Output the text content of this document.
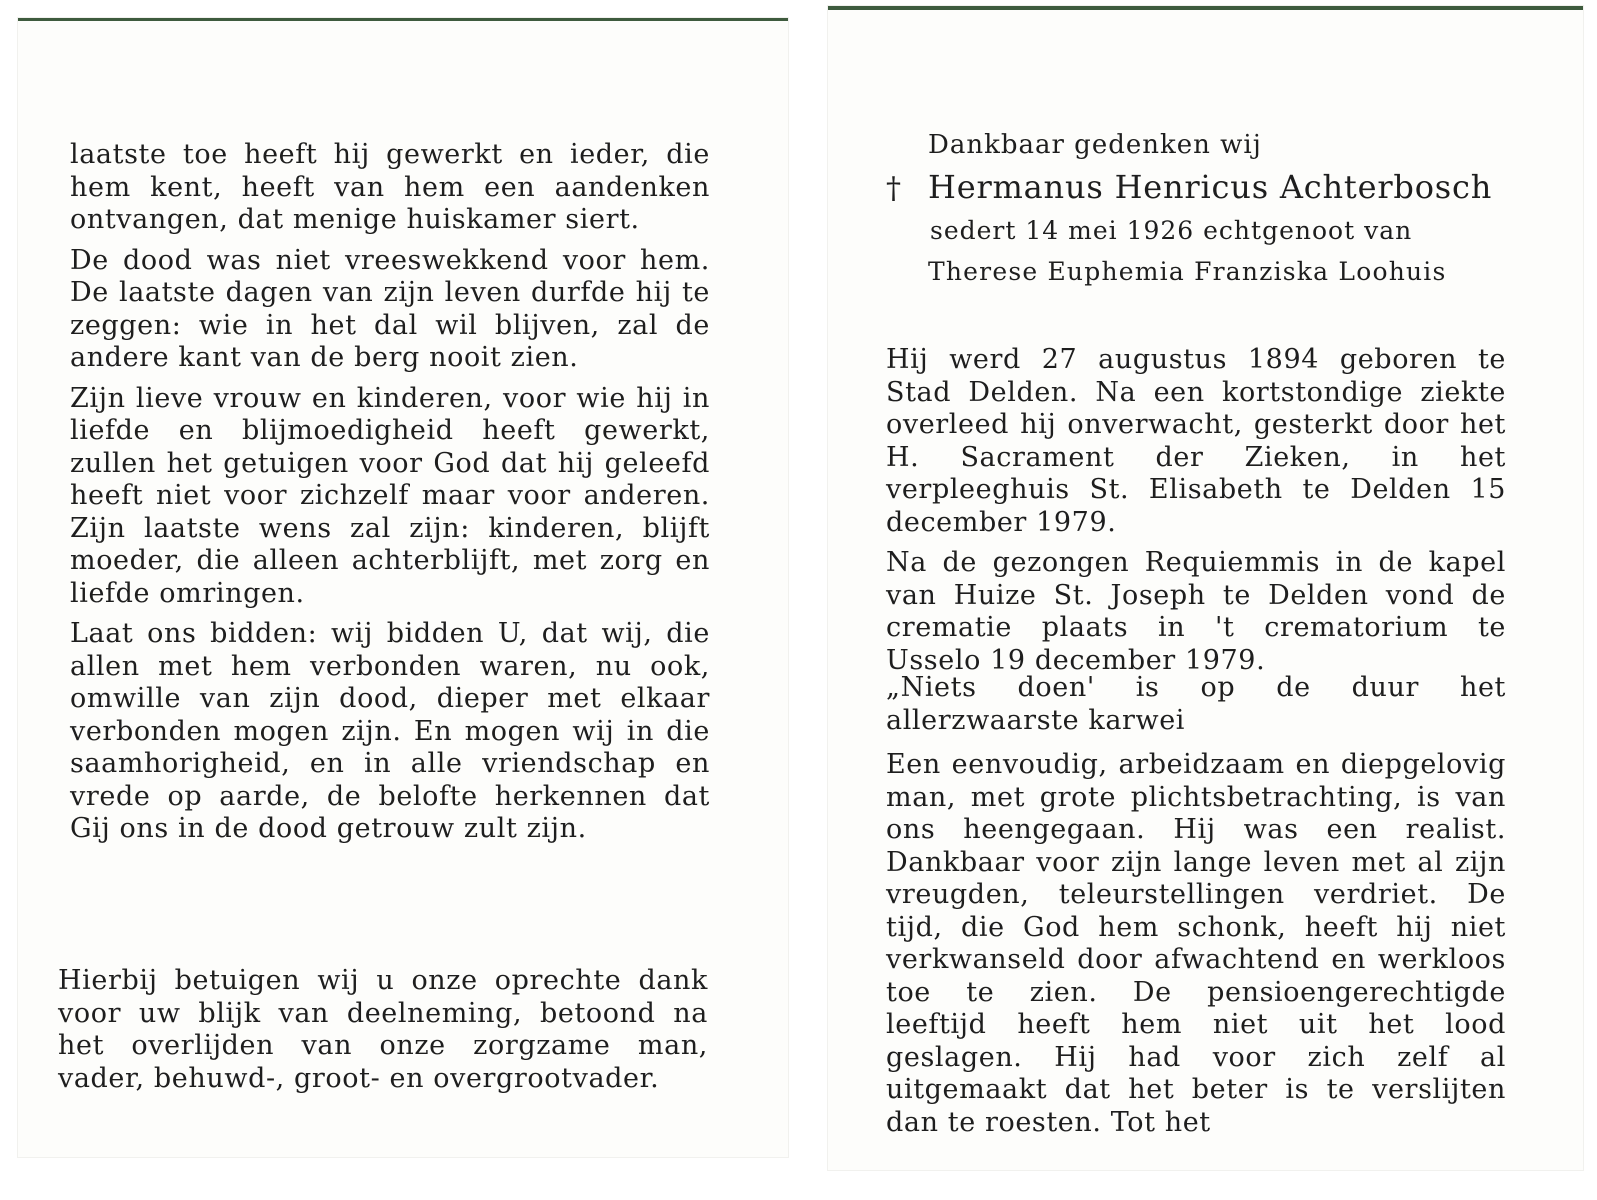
laatste toe heeft hij gewerkt en ieder, die hem kent, heeft van hem een aandenken ontvangen, dat menige huiskamer siert.

De dood was niet vreeswekkend voor hem. De laatste dagen van zijn leven durfde hij te zeggen: wie in het dal wil blijven, zal de andere kant van de berg nooit zien.

Zijn lieve vrouw en kinderen, voor wie hij in liefde en blijmoedigheid heeft gewerkt, zullen het getuigen voor God dat hij geleefd heeft niet voor zichzelf maar voor anderen. Zijn laatste wens zal zijn: kinderen, blijft moeder, die alleen achterblijft, met zorg en liefde omringen.

Laat ons bidden: wij bidden U, dat wij, die allen met hem verbonden waren, nu ook, omwille van zijn dood, dieper met elkaar verbonden mogen zijn. En mogen wij in die saamhorigheid, en in alle vriendschap en vrede op aarde, de belofte herkennen dat Gij ons in de dood getrouw zult zijn.

Hierbij betuigen wij u onze oprechte dank voor uw blijk van deelneming, betoond na het overlijden van onze zorgzame man, vader, behuwd-, groot- en overgrootvader.

Dankbaar gedenken wij
† Hermanus Henricus Achterbosch
sedert 14 mei 1926 echtgenoot van
Therese Euphemia Franziska Loohuis

Hij werd 27 augustus 1894 geboren te Stad Delden. Na een kortstondige ziekte overleed hij onverwacht, gesterkt door het H. Sacrament der Zieken, in het verpleeghuis St. Elisabeth te Delden 15 december 1979.

Na de gezongen Requiemmis in de kapel van Huize St. Joseph te Delden vond de crematie plaats in 't crematorium te Usselo 19 december 1979.

„Niets doen' is op de duur het allerzwaarste karwei

Een eenvoudig, arbeidzaam en diepgelovig man, met grote plichtsbetrachting, is van ons heengegaan. Hij was een realist. Dankbaar voor zijn lange leven met al zijn vreugden, teleurstellingen verdriet. De tijd, die God hem schonk, heeft hij niet verkwanseld door afwachtend en werkloos toe te zien. De pensioengerechtigde leeftijd heeft hem niet uit het lood geslagen. Hij had voor zich zelf al uitgemaakt dat het beter is te verslijten dan te roesten. Tot het
